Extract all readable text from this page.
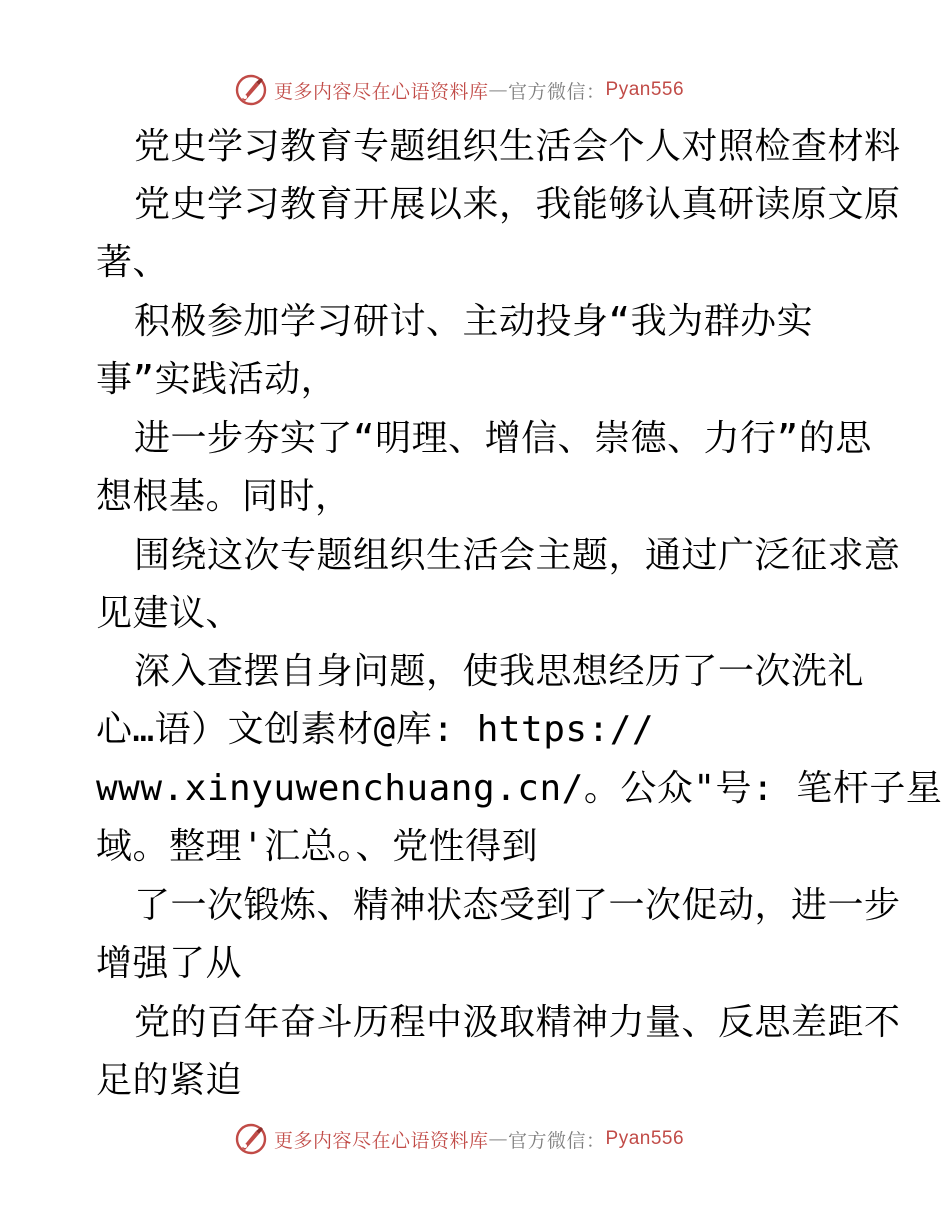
更多内容尽在心语资料库 — 官方微信： Pyan556
党史学习教育专题组织生活会个人对照检查材料
党史学习教育开展以来，我能够认真研读原文原
著、
积极参加学习研讨、主动投身“我为群办实
事”实践活动，
进一步夯实了“明理、增信、崇德、力行”的思
想根基。同时，
围绕这次专题组织生活会主题，通过广泛征求意
见建议、
深入查摆自身问题，使我思想经历了一次洗礼
心…语）文创素材@库: https://
www.xinyuwenchuang.cn/。公众"号: 笔杆子星
域。整理'汇总。、党性得到
了一次锻炼、精神状态受到了一次促动，进一步
增强了从
党的百年奋斗历程中汲取精神力量、反思差距不
足的紧迫
更多内容尽在心语资料库 — 官方微信： Pyan556
